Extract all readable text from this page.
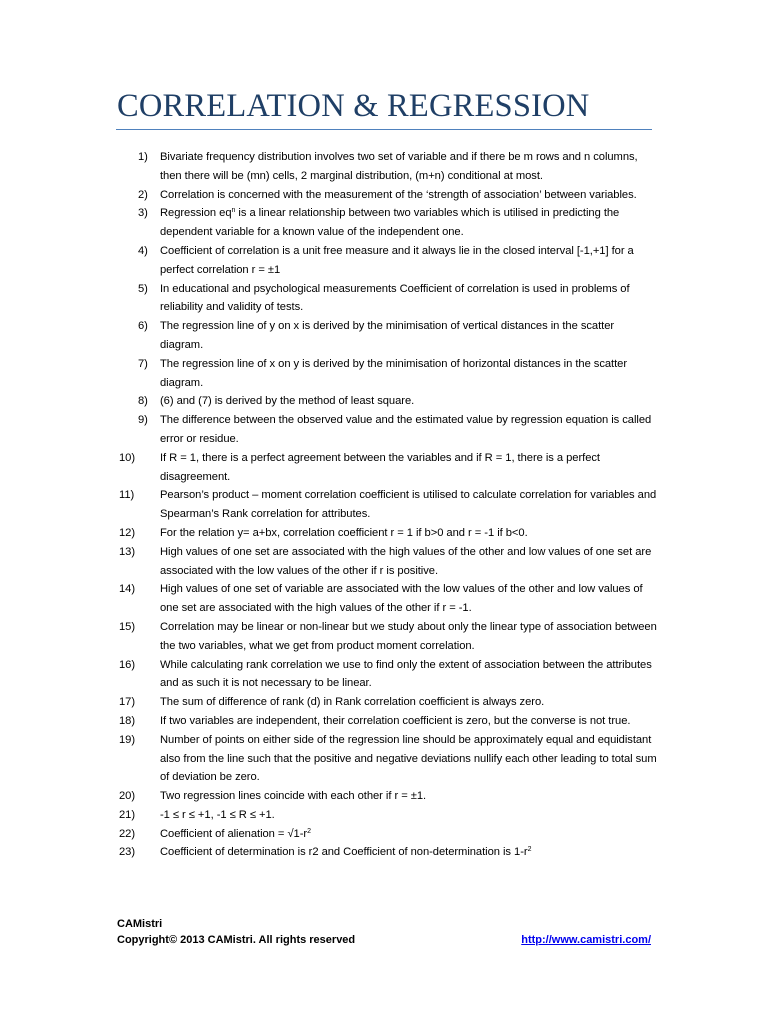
CORRELATION & REGRESSION
1) Bivariate frequency distribution involves two set of variable and if there be m rows and n columns, then there will be (mn) cells, 2 marginal distribution, (m+n) conditional at most.
2) Correlation is concerned with the measurement of the ‘strength of association’ between variables.
3) Regression $eq^n$ is a linear relationship between two variables which is utilised in predicting the dependent variable for a known value of the independent one.
4) Coefficient of correlation is a unit free measure and it always lie in the closed interval [-1,+1] for a perfect correlation r = ±1
5) In educational and psychological measurements Coefficient of correlation is used in problems of reliability and validity of tests.
6) The regression line of y on x is derived by the minimisation of vertical distances in the scatter diagram.
7) The regression line of x on y is derived by the minimisation of horizontal distances in the scatter diagram.
8) (6) and (7) is derived by the method of least square.
9) The difference between the observed value and the estimated value by regression equation is called error or residue.
10) If R = 1, there is a perfect agreement between the variables and if R = 1, there is a perfect disagreement.
11) Pearson’s product – moment correlation coefficient is utilised to calculate correlation for variables and Spearman’s Rank correlation for attributes.
12) For the relation y= a+bx, correlation coefficient r = 1 if b>0 and r = -1 if b<0.
13) High values of one set are associated with the high values of the other and low values of one set are associated with the low values of the other if r is positive.
14) High values of one set of variable are associated with the low values of the other and low values of one set are associated with the high values of the other if r = -1.
15) Correlation may be linear or non-linear but we study about only the linear type of association between the two variables, what we get from product moment correlation.
16) While calculating rank correlation we use to find only the extent of association between the attributes and as such it is not necessary to be linear.
17) The sum of difference of rank (d) in Rank correlation coefficient is always zero.
18) If two variables are independent, their correlation coefficient is zero, but the converse is not true.
19) Number of points on either side of the regression line should be approximately equal and equidistant also from the line such that the positive and negative deviations nullify each other leading to total sum of deviation be zero.
20) Two regression lines coincide with each other if r = ±1.
21) -1 ≤ r ≤ +1, -1 ≤ R ≤ +1.
22) Coefficient of alienation = $√1-r^2$
23) Coefficient of determination is r2 and Coefficient of non-determination is $1-r^2$

CAMistri

Copyright© 2013 CAMistri. All rights reserved	http://www.camistri.com/
